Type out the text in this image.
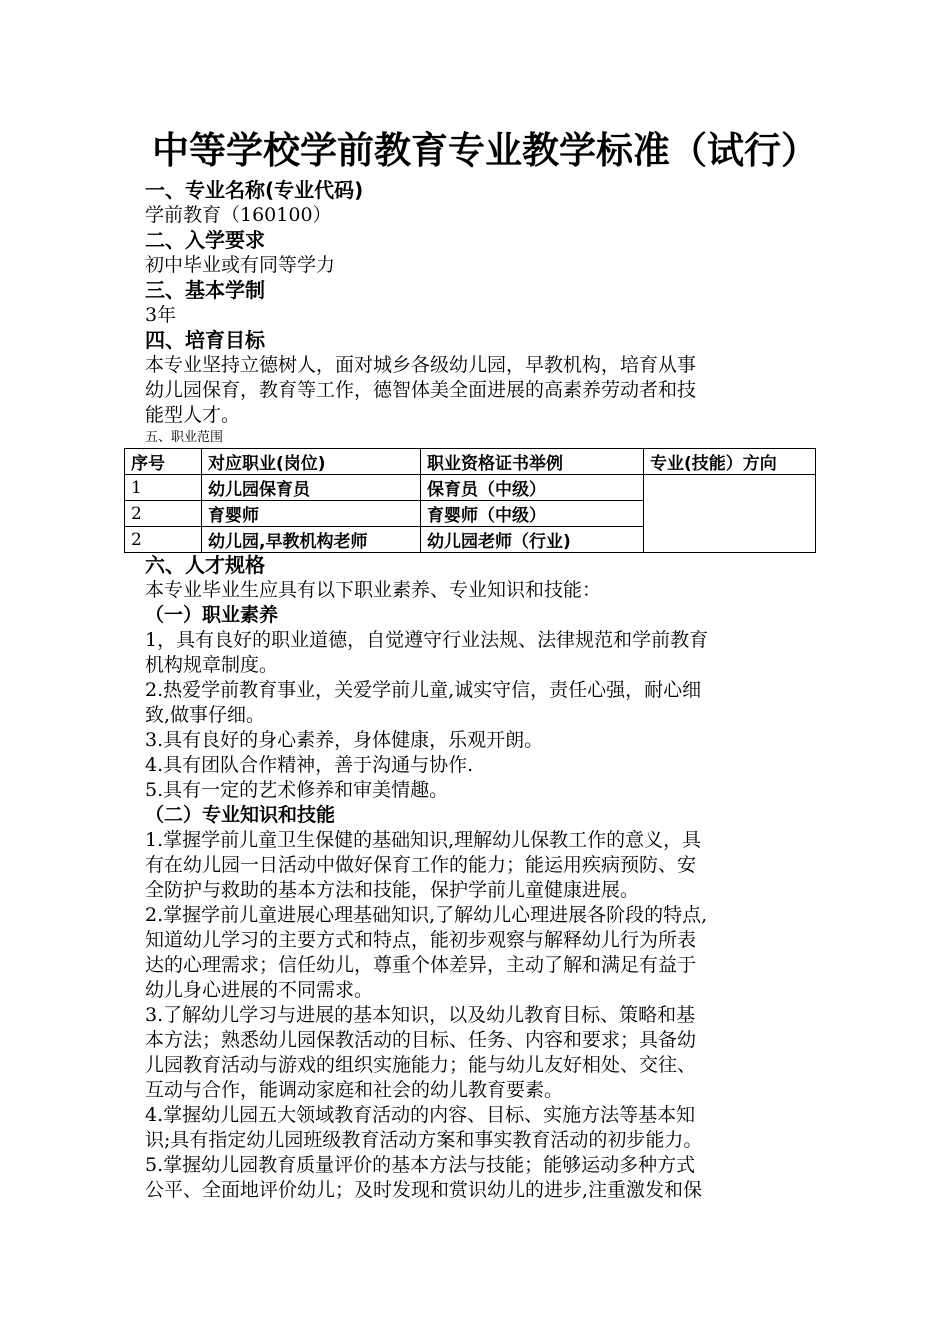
中等学校学前教育专业教学标准（试行）
一、专业名称(专业代码)
学前教育（160100）
二、入学要求
初中毕业或有同等学力
三、基本学制
3年
四、培育目标
本专业坚持立德树人，面对城乡各级幼儿园，早教机构，培育从事
幼儿园保育，教育等工作，德智体美全面进展的高素养劳动者和技
能型人才。
五、职业范围
序号	对应职业(岗位)	职业资格证书举例	专业(技能）方向
1	幼儿园保育员	保育员（中级）	
2	育婴师	育婴师（中级）	
2	幼儿园,早教机构老师	幼儿园老师（行业)	
六、人才规格
本专业毕业生应具有以下职业素养、专业知识和技能：
（一）职业素养
1，具有良好的职业道德，自觉遵守行业法规、法律规范和学前教育
机构规章制度。
2.热爱学前教育事业，关爱学前儿童,诚实守信，责任心强，耐心细
致,做事仔细。
3.具有良好的身心素养，身体健康，乐观开朗。
4.具有团队合作精神，善于沟通与协作.
5.具有一定的艺术修养和审美情趣。
（二）专业知识和技能
1.掌握学前儿童卫生保健的基础知识,理解幼儿保教工作的意义，具
有在幼儿园一日活动中做好保育工作的能力；能运用疾病预防、安
全防护与救助的基本方法和技能，保护学前儿童健康进展。
2.掌握学前儿童进展心理基础知识,了解幼儿心理进展各阶段的特点,
知道幼儿学习的主要方式和特点，能初步观察与解释幼儿行为所表
达的心理需求；信任幼儿，尊重个体差异，主动了解和满足有益于
幼儿身心进展的不同需求。
3.了解幼儿学习与进展的基本知识，以及幼儿教育目标、策略和基
本方法；熟悉幼儿园保教活动的目标、任务、内容和要求；具备幼
儿园教育活动与游戏的组织实施能力；能与幼儿友好相处、交往、
互动与合作，能调动家庭和社会的幼儿教育要素。
4.掌握幼儿园五大领域教育活动的内容、目标、实施方法等基本知
识;具有指定幼儿园班级教育活动方案和事实教育活动的初步能力。
5.掌握幼儿园教育质量评价的基本方法与技能；能够运动多种方式
公平、全面地评价幼儿；及时发现和赏识幼儿的进步,注重激发和保
